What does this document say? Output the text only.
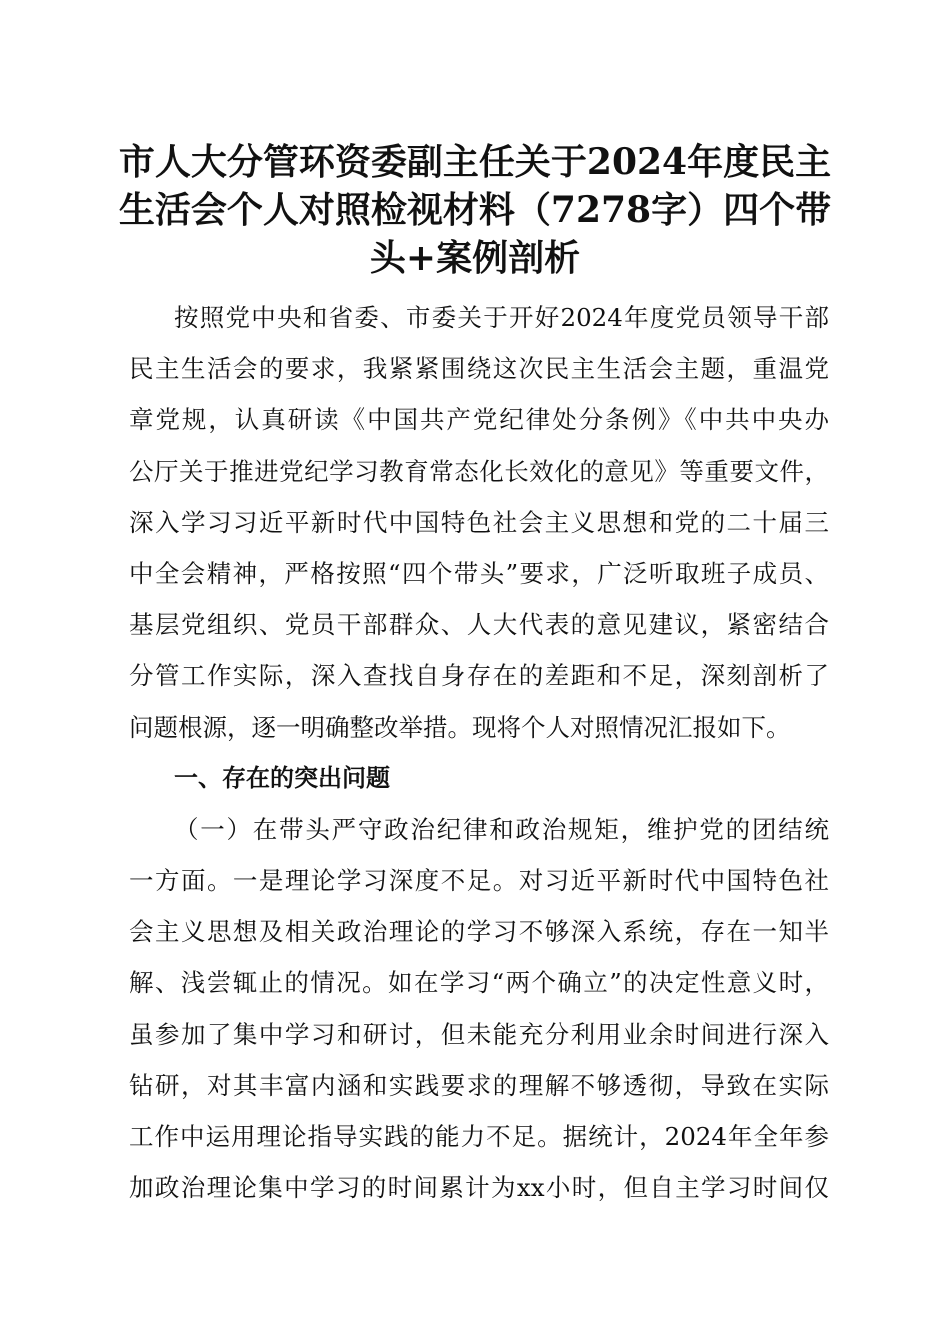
市人大分管环资委副主任关于2024年度民主
生活会个人对照检视材料（7278字）四个带
头+案例剖析
按照党中央和省委、市委关于开好2024年度党员领导干部
民主生活会的要求，我紧紧围绕这次民主生活会主题，重温党
章党规，认真研读《中国共产党纪律处分条例》《中共中央办
公厅关于推进党纪学习教育常态化长效化的意见》等重要文件，
深入学习习近平新时代中国特色社会主义思想和党的二十届三
中全会精神，严格按照“四个带头”要求，广泛听取班子成员、
基层党组织、党员干部群众、人大代表的意见建议，紧密结合
分管工作实际，深入查找自身存在的差距和不足，深刻剖析了
问题根源，逐一明确整改举措。现将个人对照情况汇报如下。
一、存在的突出问题
（一）在带头严守政治纪律和政治规矩，维护党的团结统
一方面。一是理论学习深度不足。对习近平新时代中国特色社
会主义思想及相关政治理论的学习不够深入系统，存在一知半
解、浅尝辄止的情况。如在学习“两个确立”的决定性意义时，
虽参加了集中学习和研讨，但未能充分利用业余时间进行深入
钻研，对其丰富内涵和实践要求的理解不够透彻，导致在实际
工作中运用理论指导实践的能力不足。据统计，2024年全年参
加政治理论集中学习的时间累计为xx小时，但自主学习时间仅
